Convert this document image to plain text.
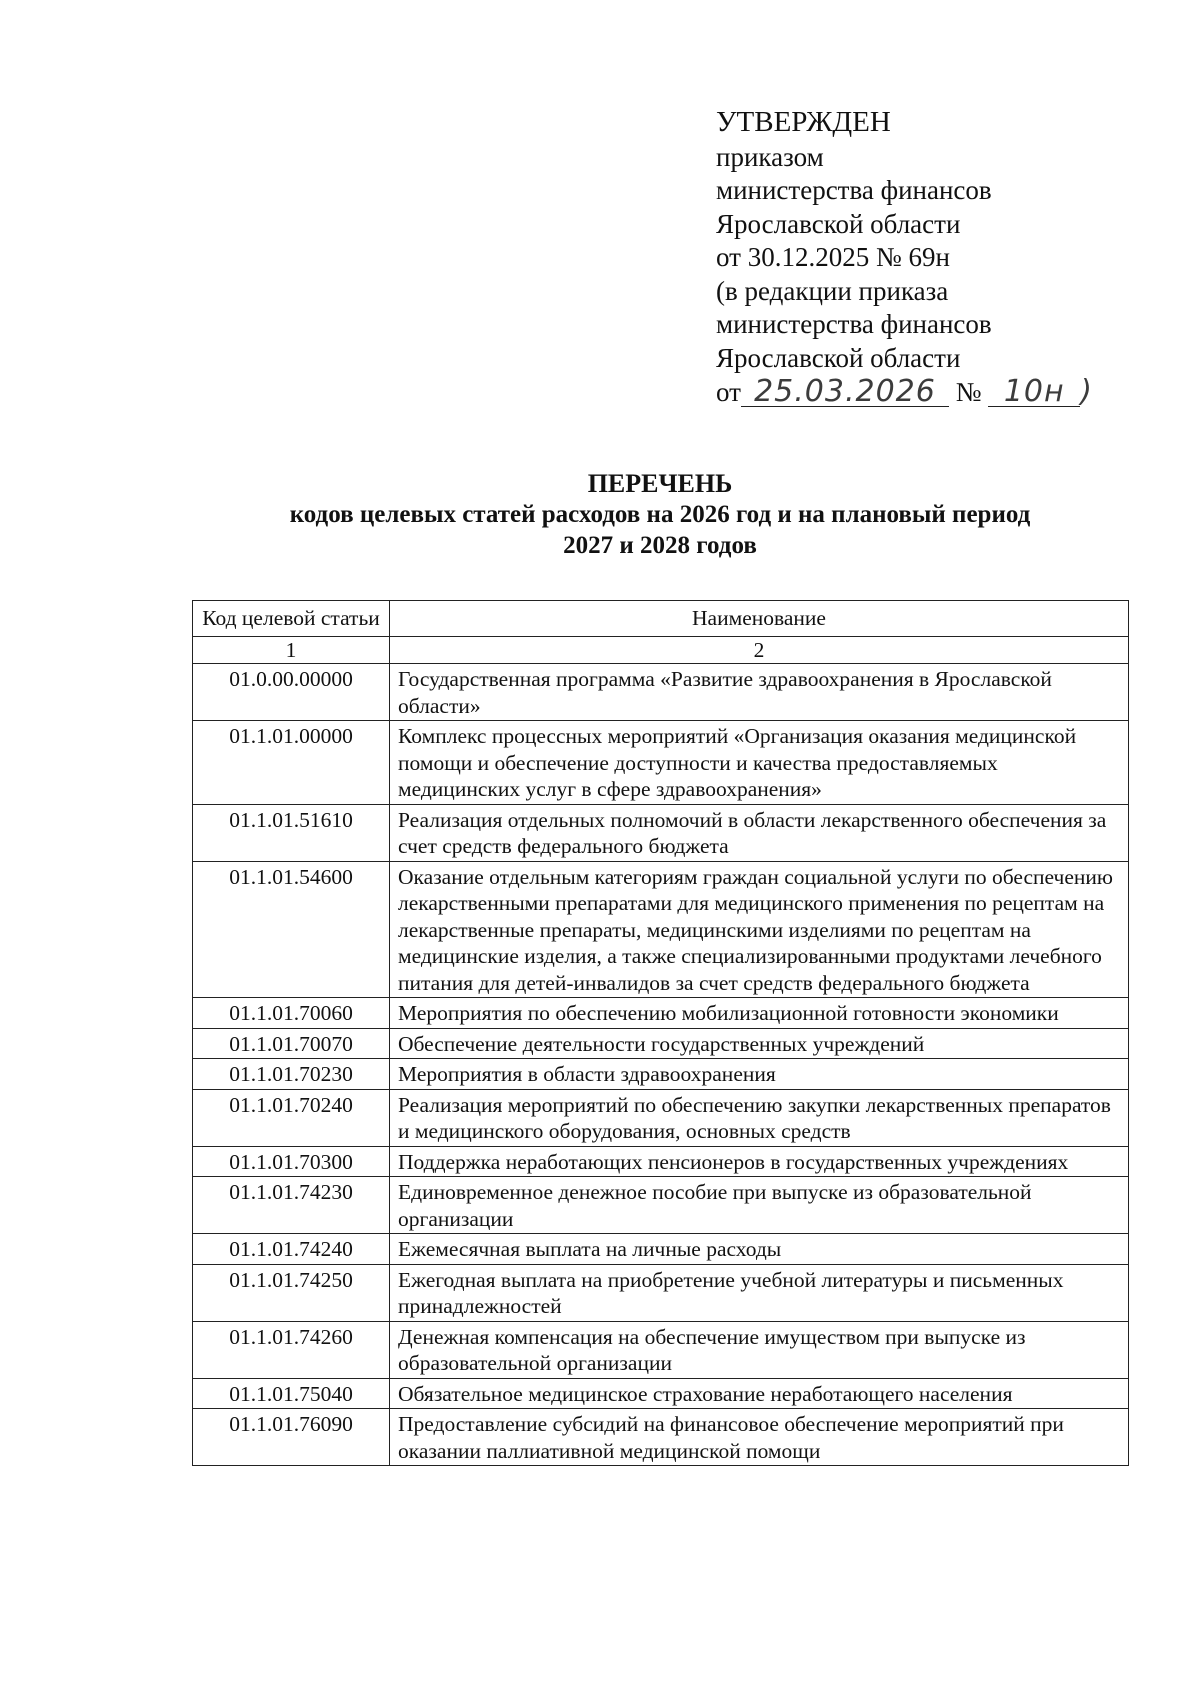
УТВЕРЖДЕН
приказом
министерства финансов
Ярославской области
от 30.12.2025 № 69н
(в редакции приказа
министерства финансов
Ярославской области
от 25.03.2026 № 10н )
ПЕРЕЧЕНЬ
кодов целевых статей расходов на 2026 год и на плановый период
2027 и 2028 годов
Код целевой статьи	Наименование
1	2
01.0.00.00000	Государственная программа «Развитие здравоохранения в Ярославской области»
01.1.01.00000	Комплекс процессных мероприятий «Организация оказания медицинской помощи и обеспечение доступности и качества предоставляемых медицинских услуг в сфере здравоохранения»
01.1.01.51610	Реализация отдельных полномочий в области лекарственного обеспечения за счет средств федерального бюджета
01.1.01.54600	Оказание отдельным категориям граждан социальной услуги по обеспечению лекарственными препаратами для медицинского применения по рецептам на лекарственные препараты, медицинскими изделиями по рецептам на медицинские изделия, а также специализированными продуктами лечебного питания для детей-инвалидов за счет средств федерального бюджета
01.1.01.70060	Мероприятия по обеспечению мобилизационной готовности экономики
01.1.01.70070	Обеспечение деятельности государственных учреждений
01.1.01.70230	Мероприятия в области здравоохранения
01.1.01.70240	Реализация мероприятий по обеспечению закупки лекарственных препаратов и медицинского оборудования, основных средств
01.1.01.70300	Поддержка неработающих пенсионеров в государственных учреждениях
01.1.01.74230	Единовременное денежное пособие при выпуске из образовательной организации
01.1.01.74240	Ежемесячная выплата на личные расходы
01.1.01.74250	Ежегодная выплата на приобретение учебной литературы и письменных принадлежностей
01.1.01.74260	Денежная компенсация на обеспечение имуществом при выпуске из образовательной организации
01.1.01.75040	Обязательное медицинское страхование неработающего населения
01.1.01.76090	Предоставление субсидий на финансовое обеспечение мероприятий при оказании паллиативной медицинской помощи
